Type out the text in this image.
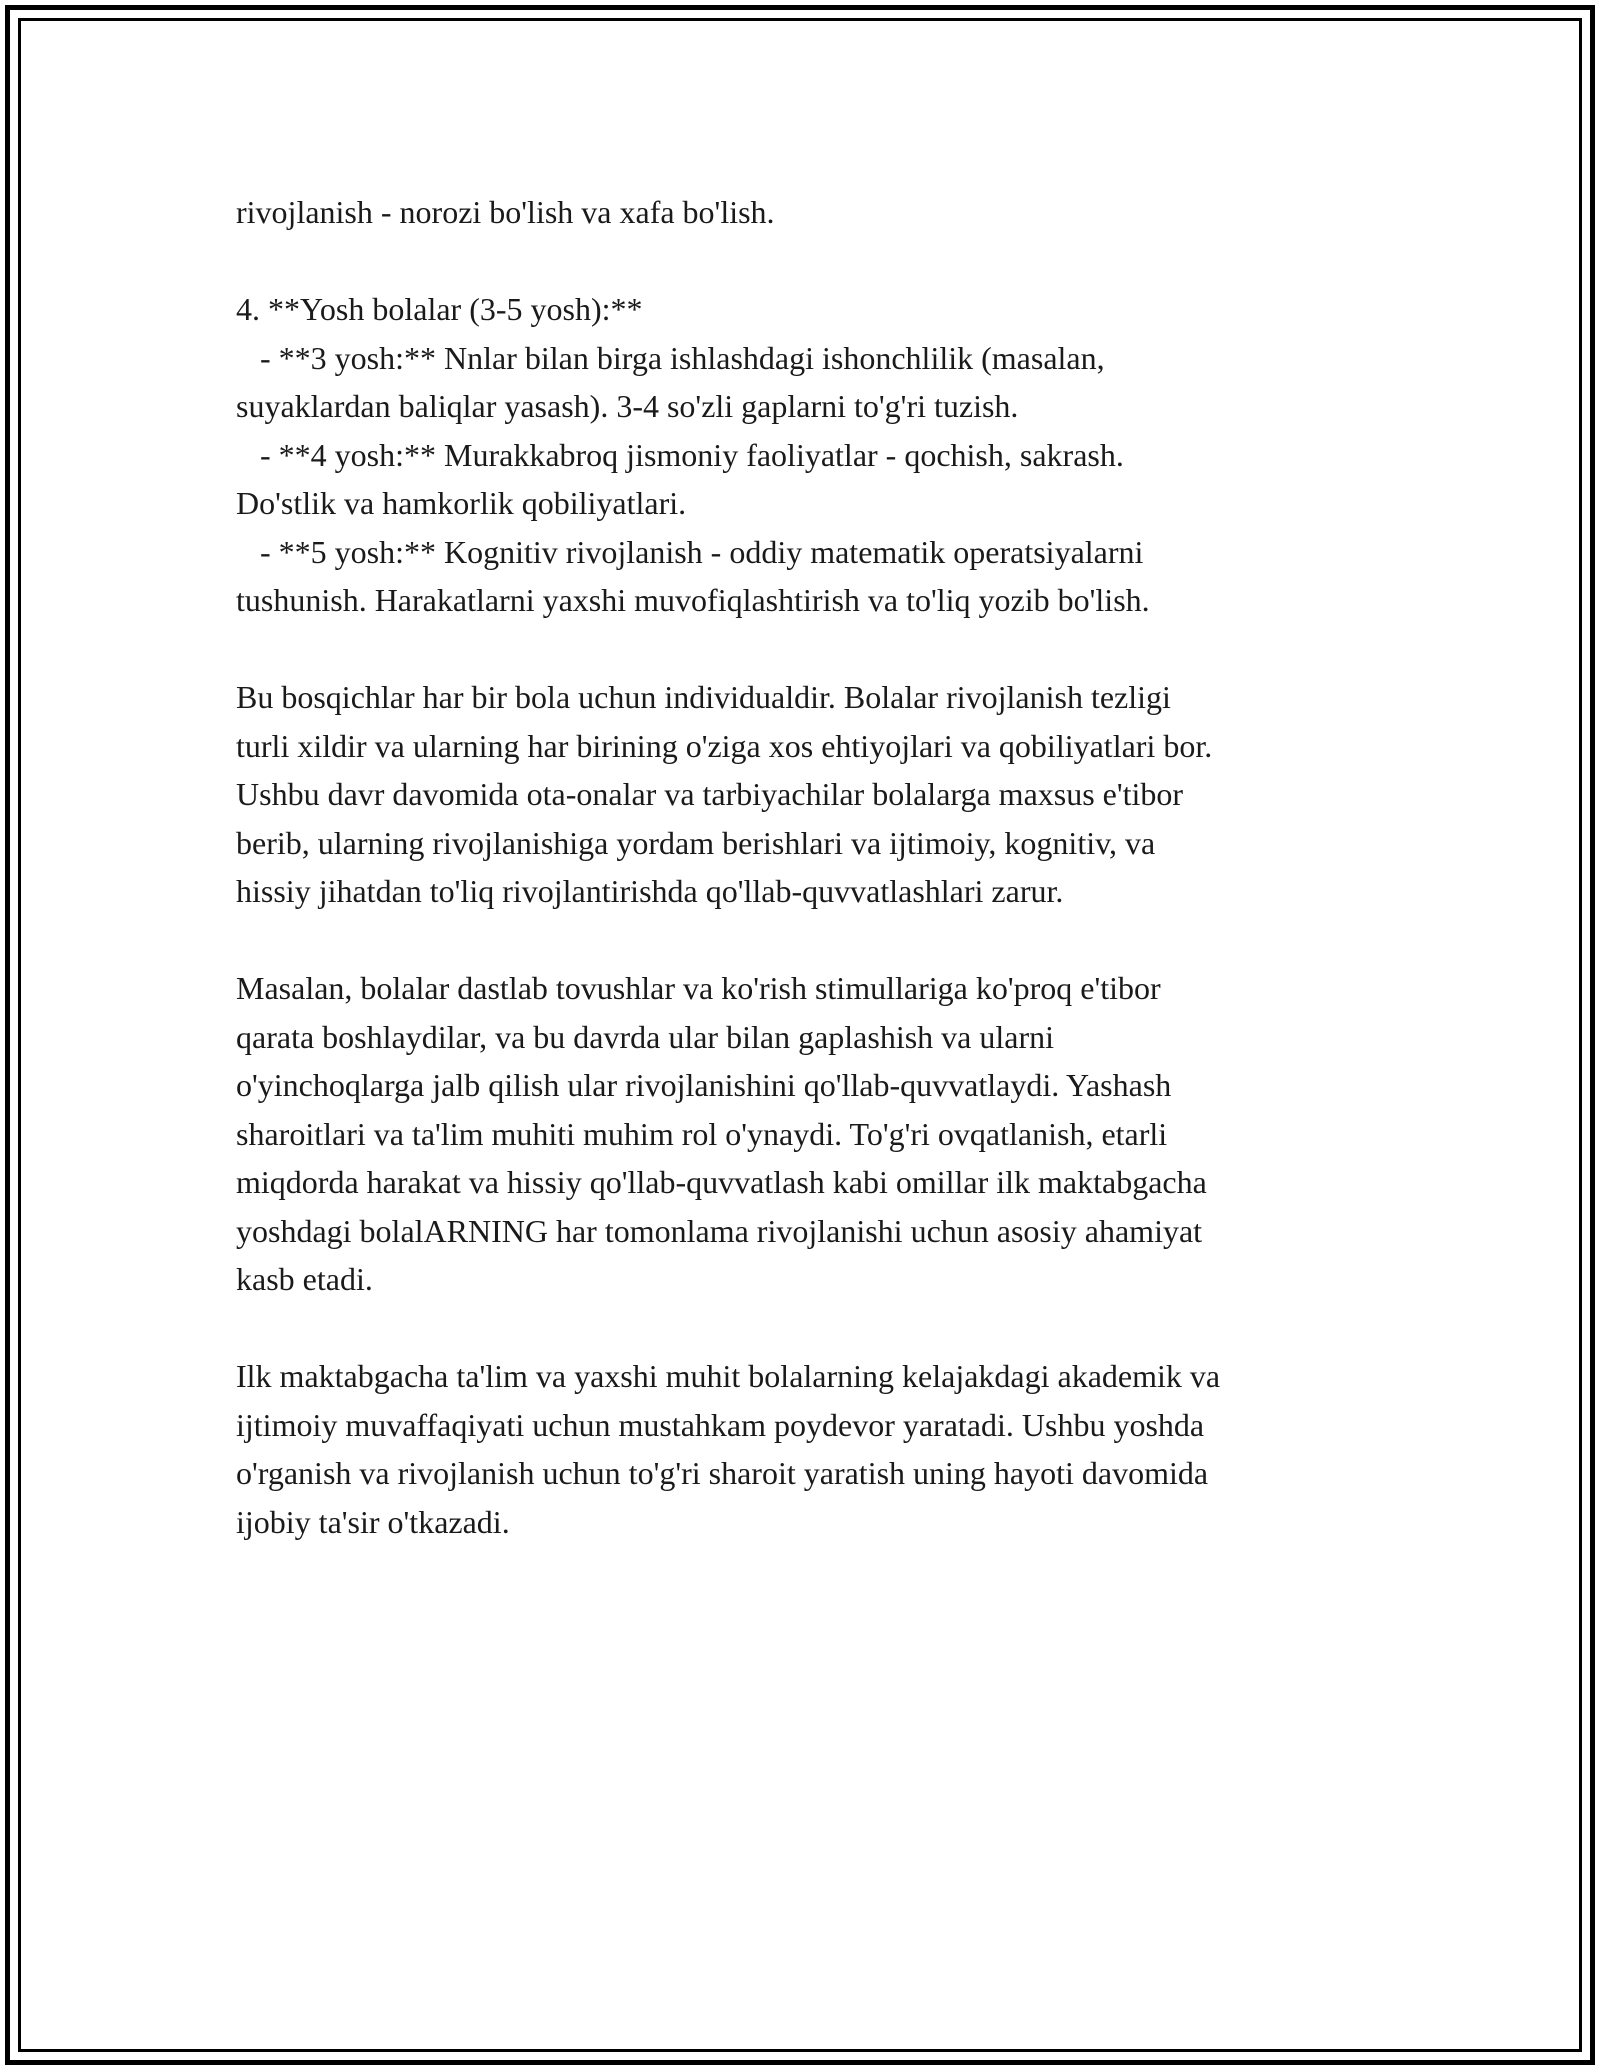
rivojlanish - norozi bo'lish va xafa bo'lish.
4. **Yosh bolalar (3-5 yosh):**
- **3 yosh:** Nnlar bilan birga ishlashdagi ishonchlilik (masalan,
suyaklardan baliqlar yasash). 3-4 so'zli gaplarni to'g'ri tuzish.
- **4 yosh:** Murakkabroq jismoniy faoliyatlar - qochish, sakrash.
Do'stlik va hamkorlik qobiliyatlari.
- **5 yosh:** Kognitiv rivojlanish - oddiy matematik operatsiyalarni
tushunish. Harakatlarni yaxshi muvofiqlashtirish va to'liq yozib bo'lish.
Bu bosqichlar har bir bola uchun individualdir. Bolalar rivojlanish tezligi
turli xildir va ularning har birining o'ziga xos ehtiyojlari va qobiliyatlari bor.
Ushbu davr davomida ota-onalar va tarbiyachilar bolalarga maxsus e'tibor
berib, ularning rivojlanishiga yordam berishlari va ijtimoiy, kognitiv, va
hissiy jihatdan to'liq rivojlantirishda qo'llab-quvvatlashlari zarur.
Masalan, bolalar dastlab tovushlar va ko'rish stimullariga ko'proq e'tibor
qarata boshlaydilar, va bu davrda ular bilan gaplashish va ularni
o'yinchoqlarga jalb qilish ular rivojlanishini qo'llab-quvvatlaydi. Yashash
sharoitlari va ta'lim muhiti muhim rol o'ynaydi. To'g'ri ovqatlanish, etarli
miqdorda harakat va hissiy qo'llab-quvvatlash kabi omillar ilk maktabgacha
yoshdagi bolalARNING har tomonlama rivojlanishi uchun asosiy ahamiyat
kasb etadi.
Ilk maktabgacha ta'lim va yaxshi muhit bolalarning kelajakdagi akademik va
ijtimoiy muvaffaqiyati uchun mustahkam poydevor yaratadi. Ushbu yoshda
o'rganish va rivojlanish uchun to'g'ri sharoit yaratish uning hayoti davomida
ijobiy ta'sir o'tkazadi.
